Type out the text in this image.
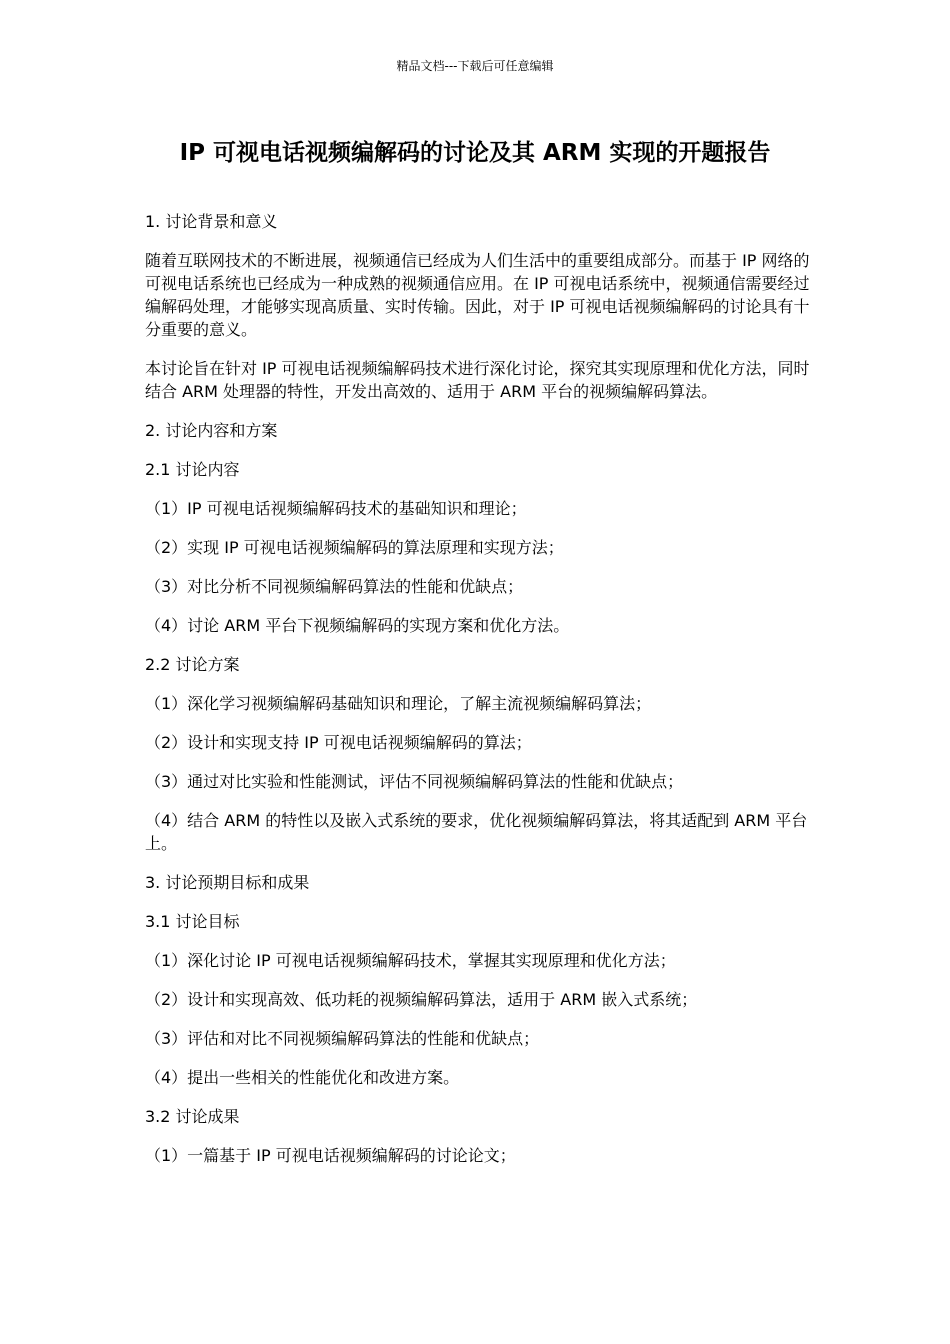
精品文档---下载后可任意编辑
IP 可视电话视频编解码的讨论及其 ARM 实现的开题报告

1. 讨论背景和意义

随着互联网技术的不断进展，视频通信已经成为人们生活中的重要组成部分。而基于 IP 网络的可视电话系统也已经成为一种成熟的视频通信应用。在 IP 可视电话系统中，视频通信需要经过编解码处理，才能够实现高质量、实时传输。因此，对于 IP 可视电话视频编解码的讨论具有十分重要的意义。

本讨论旨在针对 IP 可视电话视频编解码技术进行深化讨论，探究其实现原理和优化方法，同时结合 ARM 处理器的特性，开发出高效的、适用于 ARM 平台的视频编解码算法。

2. 讨论内容和方案

2.1 讨论内容

（1）IP 可视电话视频编解码技术的基础知识和理论；

（2）实现 IP 可视电话视频编解码的算法原理和实现方法；

（3）对比分析不同视频编解码算法的性能和优缺点；

（4）讨论 ARM 平台下视频编解码的实现方案和优化方法。

2.2 讨论方案

（1）深化学习视频编解码基础知识和理论，了解主流视频编解码算法；

（2）设计和实现支持 IP 可视电话视频编解码的算法；

（3）通过对比实验和性能测试，评估不同视频编解码算法的性能和优缺点；

（4）结合 ARM 的特性以及嵌入式系统的要求，优化视频编解码算法，将其适配到 ARM 平台上。

3. 讨论预期目标和成果

3.1 讨论目标

（1）深化讨论 IP 可视电话视频编解码技术，掌握其实现原理和优化方法；

（2）设计和实现高效、低功耗的视频编解码算法，适用于 ARM 嵌入式系统；

（3）评估和对比不同视频编解码算法的性能和优缺点；

（4）提出一些相关的性能优化和改进方案。

3.2 讨论成果

（1）一篇基于 IP 可视电话视频编解码的讨论论文；
